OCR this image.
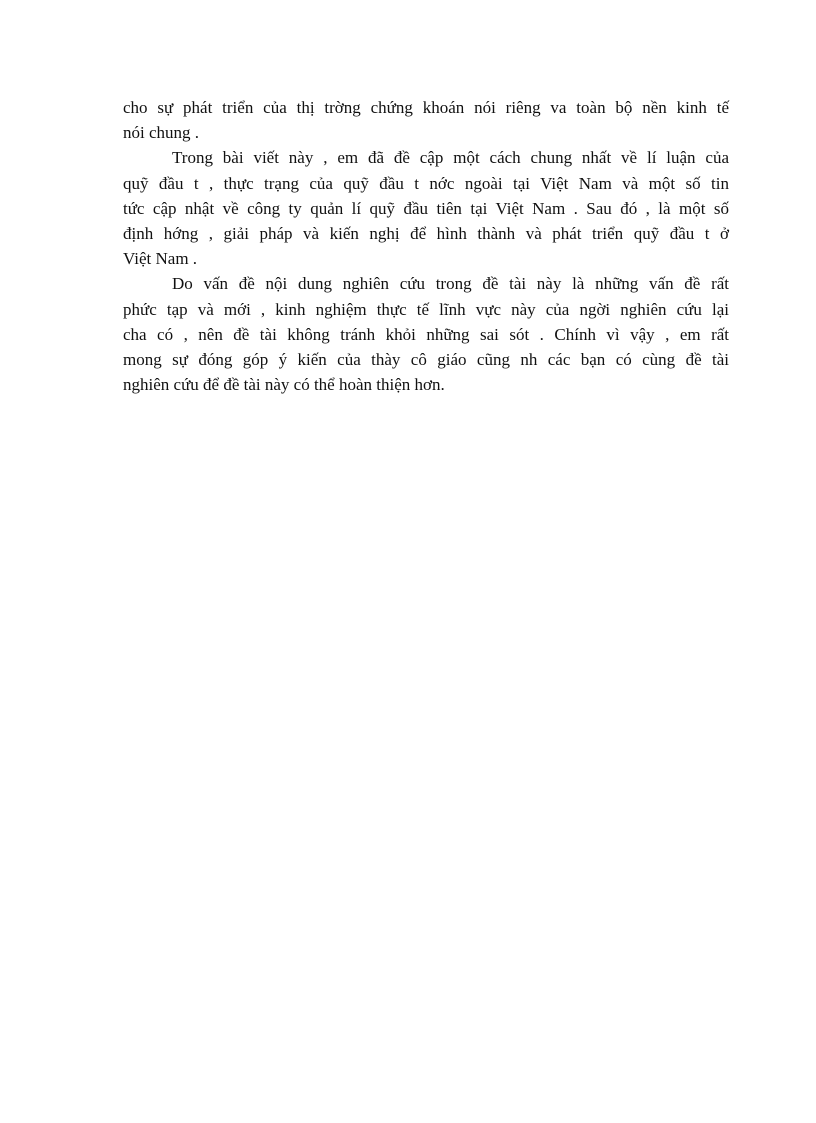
cho sự phát triển của thị trờng chứng khoán nói riêng va toàn bộ nền kinh tế
nói chung .
Trong bài viết này , em đã đề cập một cách chung nhất về lí luận của
quỹ đầu t , thực trạng của quỹ đầu t nớc ngoài tại Việt Nam và một số tin
tức cập nhật về công ty quản lí quỹ đầu tiên tại Việt Nam . Sau đó , là một số
định hớng , giải pháp và kiến nghị để hình thành và phát triển quỹ đầu t ở
Việt Nam .
Do vấn đề nội dung nghiên cứu trong đề tài này là những vấn đề rất
phức tạp và mới , kinh nghiệm thực tế lĩnh vực này của ngời nghiên cứu lại
cha có , nên đề tài không tránh khỏi những sai sót . Chính vì vậy , em rất
mong sự đóng góp ý kiến của thày cô giáo cũng nh các bạn có cùng đề tài
nghiên cứu để đề tài này có thể hoàn thiện hơn.
